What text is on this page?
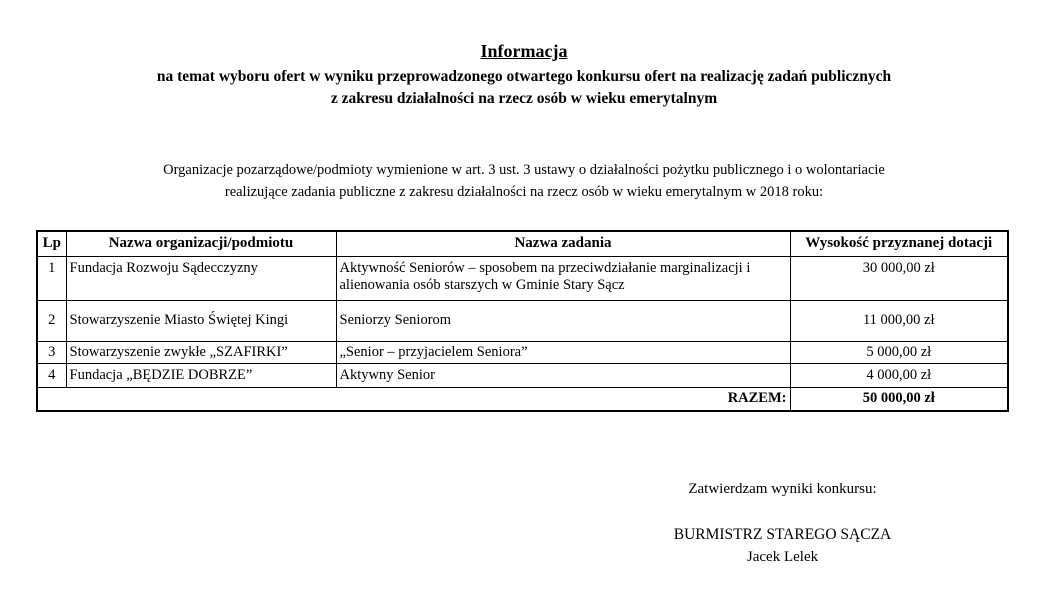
Informacja
na temat wyboru ofert w wyniku przeprowadzonego otwartego konkursu ofert na realizację zadań publicznych
z zakresu działalności na rzecz osób w wieku emerytalnym
Organizacje pozarządowe/podmioty wymienione w art. 3 ust. 3 ustawy o działalności pożytku publicznego i o wolontariacie
realizujące zadania publiczne z zakresu działalności na rzecz osób w wieku emerytalnym w 2018 roku:
Lp	Nazwa organizacji/podmiotu	Nazwa zadania	Wysokość przyznanej dotacji
1	Fundacja Rozwoju Sądecczyzny	Aktywność Seniorów – sposobem na przeciwdziałanie marginalizacji i alienowania osób starszych w Gminie Stary Sącz	30 000,00 zł
2	Stowarzyszenie Miasto Świętej Kingi	Seniorzy Seniorom	11 000,00 zł
3	Stowarzyszenie zwykłe „SZAFIRKI”	„Senior – przyjacielem Seniora”	5 000,00 zł
4	Fundacja „BĘDZIE DOBRZE”	Aktywny Senior	4 000,00 zł
RAZEM:			50 000,00 zł
Zatwierdzam wyniki konkursu:
BURMISTRZ STAREGO SĄCZA
Jacek Lelek
